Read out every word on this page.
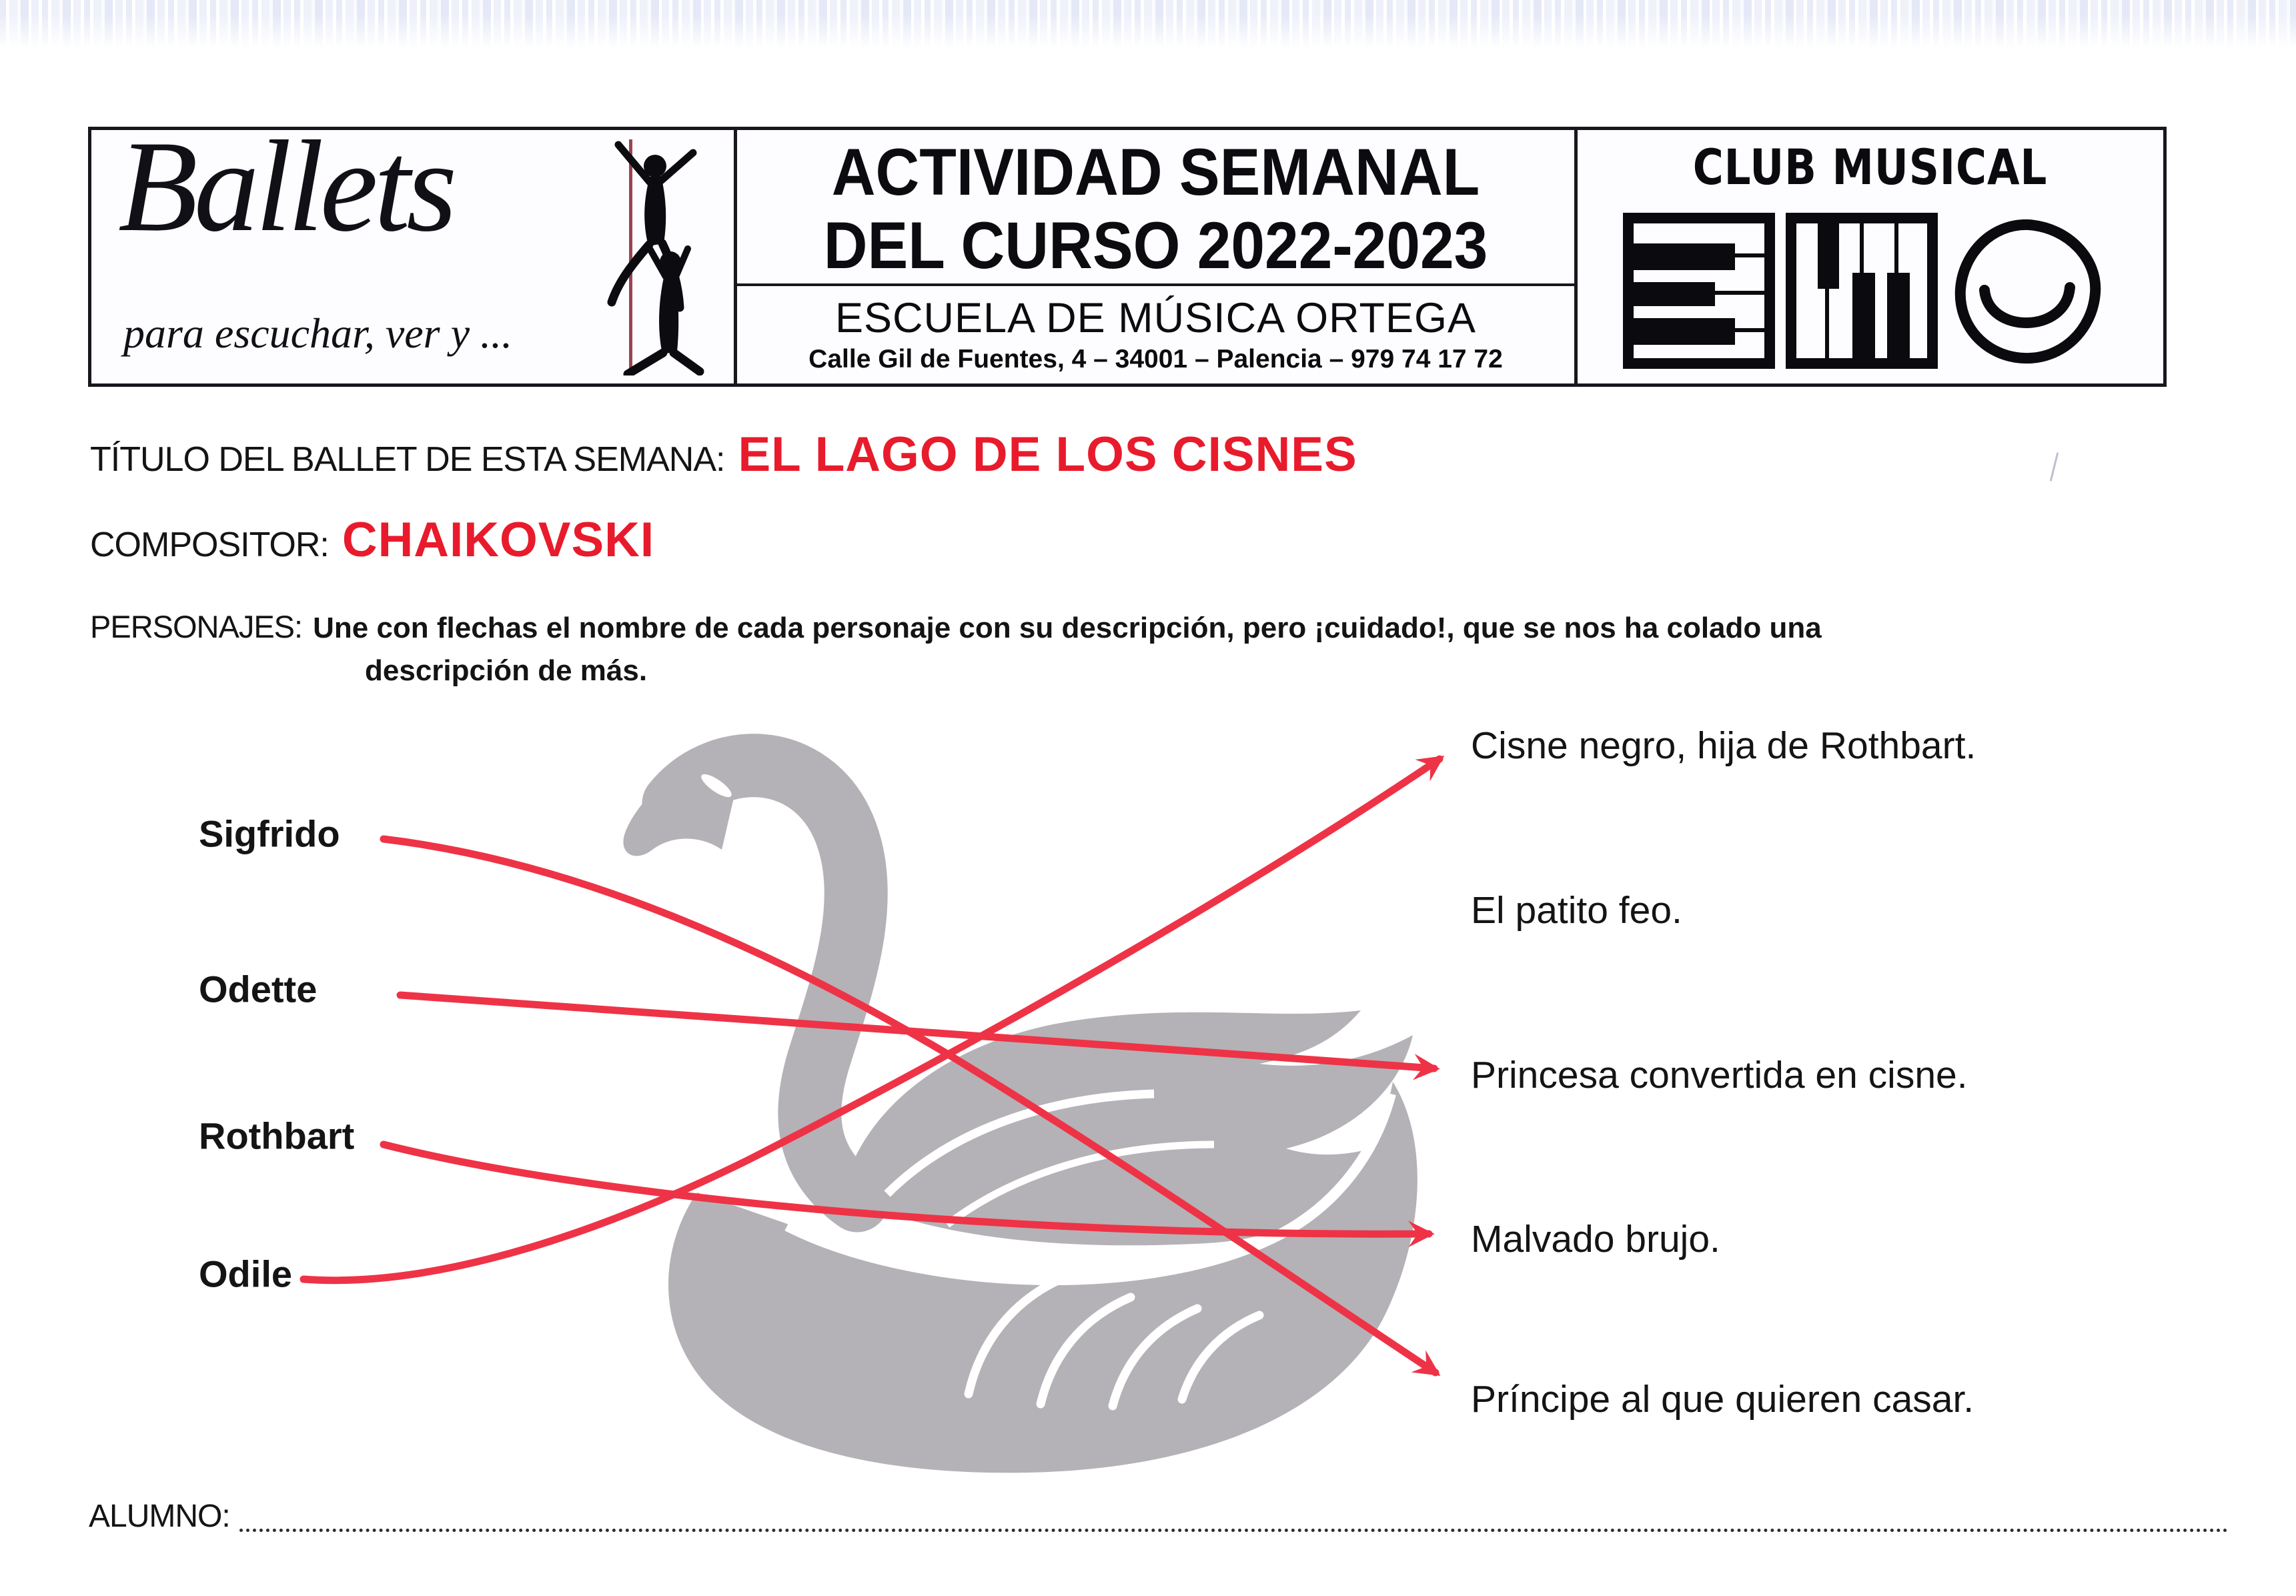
Ballets
para escuchar, ver y ...
ACTIVIDAD SEMANAL
DEL CURSO 2022-2023
ESCUELA DE MÚSICA ORTEGA
Calle Gil de Fuentes, 4 – 34001 – Palencia – 979 74 17 72
CLUB MUSICAL
TÍTULO DEL BALLET DE ESTA SEMANA: EL LAGO DE LOS CISNES
COMPOSITOR: CHAIKOVSKI
PERSONAJES: Une con flechas el nombre de cada personaje con su descripción, pero ¡cuidado!, que se nos ha colado una
descripción de más.
Sigfrido
Odette
Rothbart
Odile
Cisne negro, hija de Rothbart.
El patito feo.
Princesa convertida en cisne.
Malvado brujo.
Príncipe al que quieren casar.
ALUMNO:
